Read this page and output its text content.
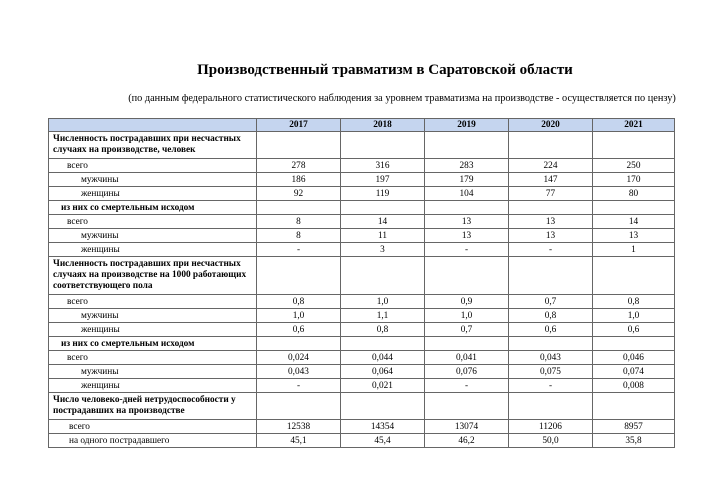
Производственный травматизм в Саратовской области
(по данным федерального статистического наблюдения за уровнем травматизма на производстве - осуществляется по цензу)
	2017	2018	2019	2020	2021
Численность пострадавших при несчастных случаях на производстве, человек					
всего	278	316	283	224	250
мужчины	186	197	179	147	170
женщины	92	119	104	77	80
из них со смертельным исходом					
всего	8	14	13	13	14
мужчины	8	11	13	13	13
женщины	-	3	-	-	1
Численность пострадавших при несчастных случаях на производстве на 1000 работающих соответствующего пола					
всего	0,8	1,0	0,9	0,7	0,8
мужчины	1,0	1,1	1,0	0,8	1,0
женщины	0,6	0,8	0,7	0,6	0,6
из них со смертельным исходом					
всего	0,024	0,044	0,041	0,043	0,046
мужчины	0,043	0,064	0,076	0,075	0,074
женщины	-	0,021	-	-	0,008
Число человеко-дней нетрудоспособности у пострадавших на производстве					
всего	12538	14354	13074	11206	8957
на одного пострадавшего	45,1	45,4	46,2	50,0	35,8
